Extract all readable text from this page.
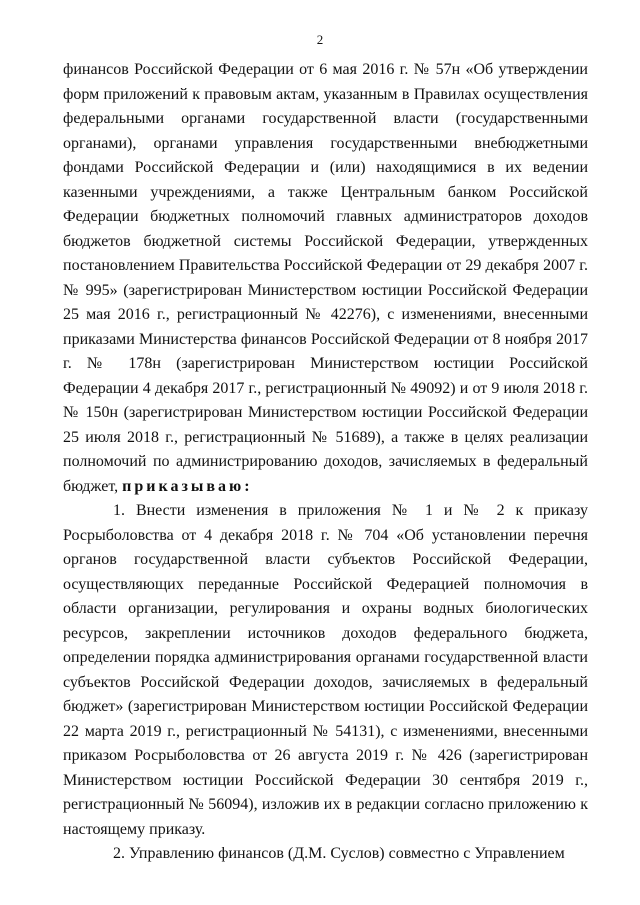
2

финансов Российской Федерации от 6 мая 2016 г. № 57н «Об утверждении форм приложений к правовым актам, указанным в Правилах осуществления федеральными органами государственной власти (государственными органами), органами управления государственными внебюджетными фондами Российской Федерации и (или) находящимися в их ведении казенными учреждениями, а также Центральным банком Российской Федерации бюджетных полномочий главных администраторов доходов бюджетов бюджетной системы Российской Федерации, утвержденных постановлением Правительства Российской Федерации от 29 декабря 2007 г. № 995» (зарегистрирован Министерством юстиции Российской Федерации 25 мая 2016 г., регистрационный № 42276), с изменениями, внесенными приказами Министерства финансов Российской Федерации от 8 ноября 2017 г. № 178н (зарегистрирован Министерством юстиции Российской Федерации 4 декабря 2017 г., регистрационный № 49092) и от 9 июля 2018 г. № 150н (зарегистрирован Министерством юстиции Российской Федерации 25 июля 2018 г., регистрационный № 51689), а также в целях реализации полномочий по администрированию доходов, зачисляемых в федеральный бюджет, приказываю:

1. Внести изменения в приложения № 1 и № 2 к приказу Росрыболовства от 4 декабря 2018 г. № 704 «Об установлении перечня органов государственной власти субъектов Российской Федерации, осуществляющих переданные Российской Федерацией полномочия в области организации, регулирования и охраны водных биологических ресурсов, закреплении источников доходов федерального бюджета, определении порядка администрирования органами государственной власти субъектов Российской Федерации доходов, зачисляемых в федеральный бюджет» (зарегистрирован Министерством юстиции Российской Федерации 22 марта 2019 г., регистрационный № 54131), с изменениями, внесенными приказом Росрыболовства от 26 августа 2019 г. № 426 (зарегистрирован Министерством юстиции Российской Федерации 30 сентября 2019 г., регистрационный № 56094), изложив их в редакции согласно приложению к настоящему приказу.

2. Управлению финансов (Д.М. Суслов) совместно с Управлением
